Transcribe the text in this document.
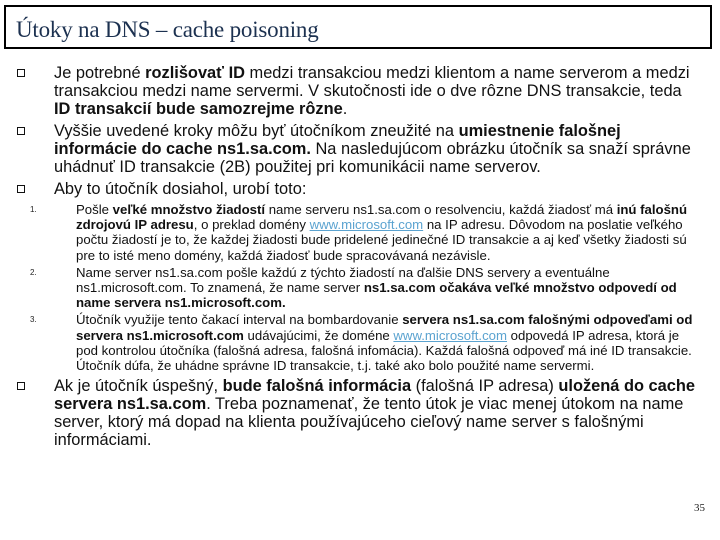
Útoky na DNS – cache poisoning
Je potrebné rozlišovať ID medzi transakciou medzi klientom a name serverom a medzi transakciou medzi name servermi. V skutočnosti ide o dve rôzne DNS transakcie, teda ID transakcií bude samozrejme rôzne.
Vyššie uvedené kroky môžu byť útočníkom zneužité na umiestnenie falošnej informácie do cache ns1.sa.com. Na nasledujúcom obrázku útočník sa snaží správne uhádnuť ID transakcie (2B) použitej pri komunikácii name serverov.
Aby to útočník dosiahol, urobí toto:
1.	Pošle veľké množstvo žiadostí name serveru ns1.sa.com o resolvenciu, každá žiadosť má inú falošnú zdrojovú IP adresu, o preklad domény www.microsoft.com na IP adresu. Dôvodom na poslatie veľkého počtu žiadostí je to, že každej žiadosti bude pridelené jedinečné ID transakcie a aj keď všetky žiadosti sú pre to isté meno domény, každá žiadosť bude spracovávaná nezávisle.
2.	Name server ns1.sa.com pošle každú z týchto žiadostí na ďalšie DNS servery a eventuálne ns1.microsoft.com. To znamená, že name server ns1.sa.com očakáva veľké množstvo odpovedí od name servera ns1.microsoft.com.
3.	Útočník využije tento čakací interval na bombardovanie servera ns1.sa.com falošnými odpoveďami od servera ns1.microsoft.com udávajúcimi, že doméne www.microsoft.com odpovedá IP adresa, ktorá je pod kontrolou útočníka (falošná adresa, falošná infomácia). Každá falošná odpoveď má iné ID transakcie. Útočník dúfa, že uhádne správne ID transakcie, t.j. také ako bolo použité name servermi.
Ak je útočník úspešný, bude falošná informácia (falošná IP adresa) uložená do cache servera ns1.sa.com. Treba poznamenať, že tento útok je viac menej útokom na name server, ktorý má dopad na klienta používajúceho cieľový name server s falošnými informáciami.
35
